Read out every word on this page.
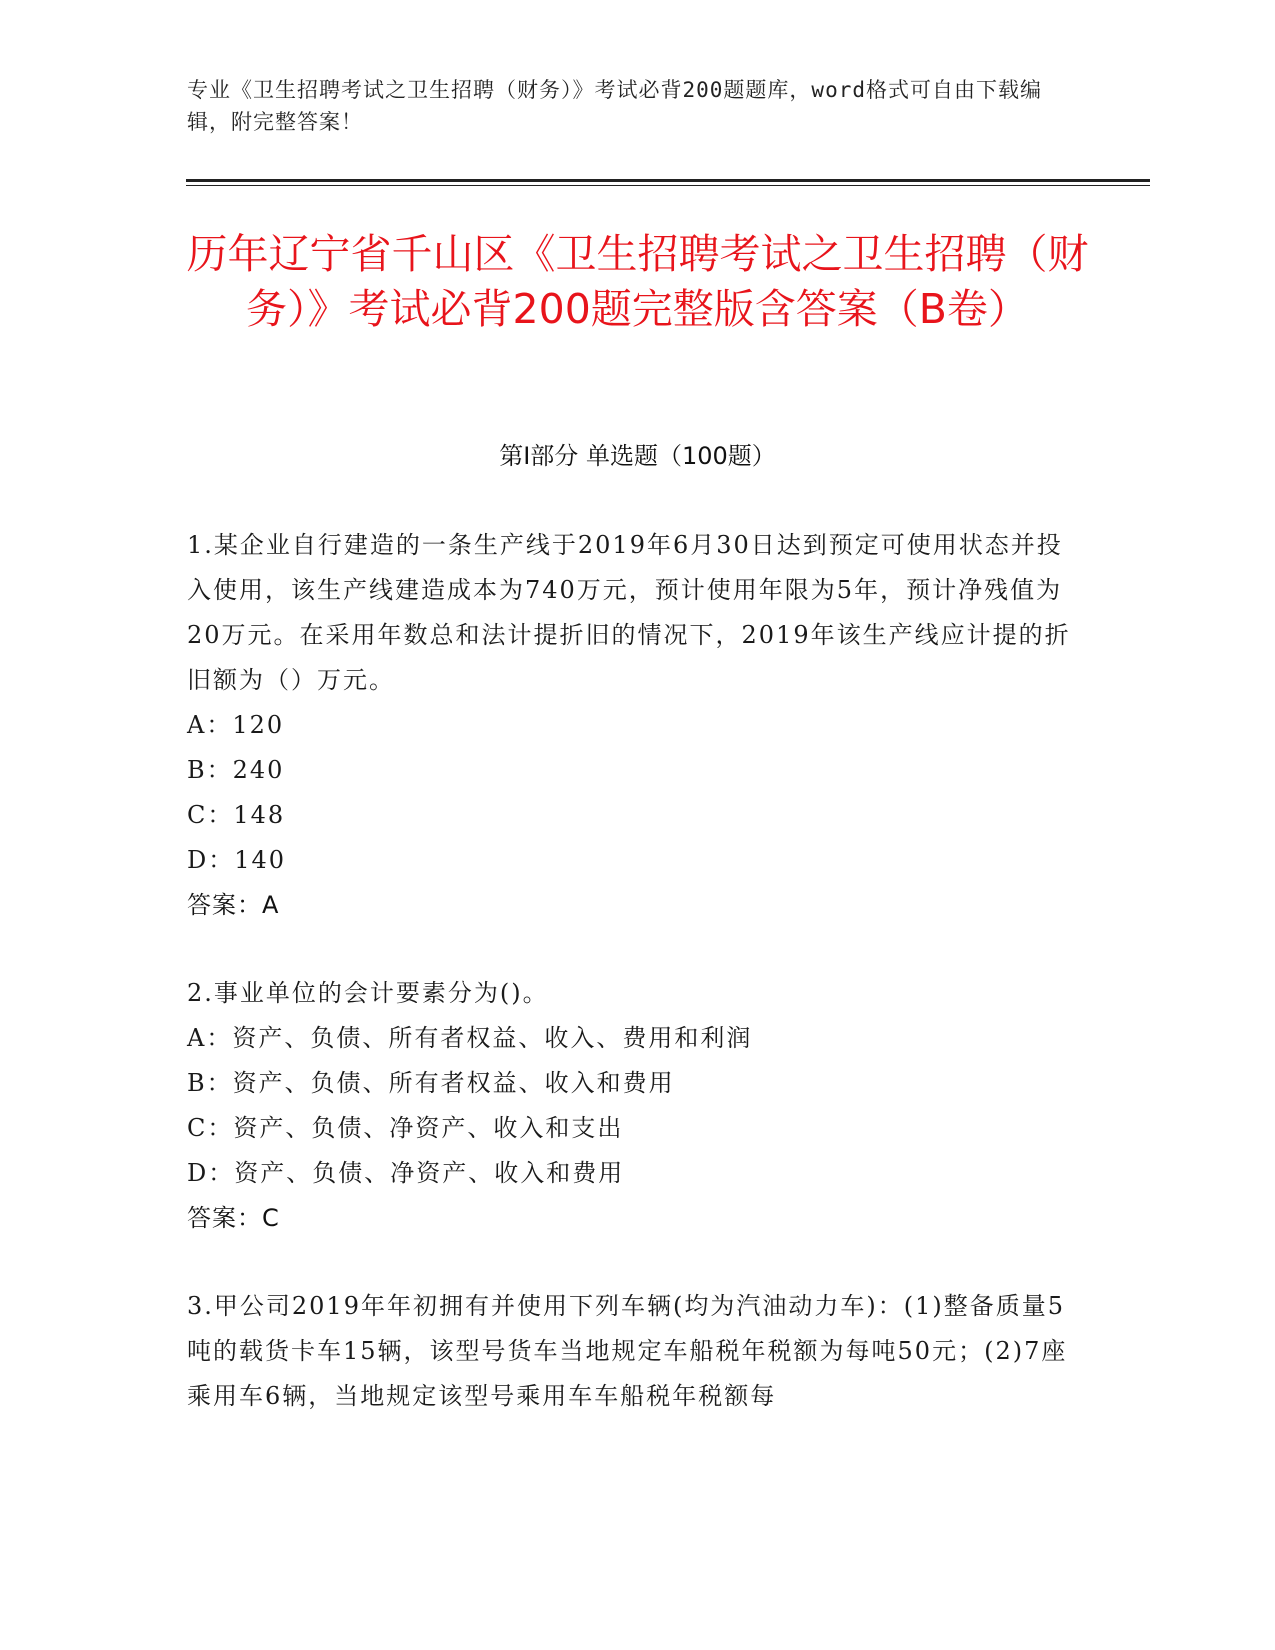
专业《卫生招聘考试之卫生招聘（财务）》考试必背200题题库，word格式可自由下载编辑，附完整答案！

历年辽宁省千山区《卫生招聘考试之卫生招聘（财务）》考试必背200题完整版含答案（B卷）
第I部分 单选题（100题）

1.某企业自行建造的一条生产线于2019年6月30日达到预定可使用状态并投入使用，该生产线建造成本为740万元，预计使用年限为5年，预计净残值为20万元。在采用年数总和法计提折旧的情况下，2019年该生产线应计提的折旧额为（）万元。

A：120

B：240

C：148

D：140

答案：A

2.事业单位的会计要素分为()。

A：资产、负债、所有者权益、收入、费用和利润

B：资产、负债、所有者权益、收入和费用

C：资产、负债、净资产、收入和支出

D：资产、负债、净资产、收入和费用

答案：C

3.甲公司2019年年初拥有并使用下列车辆(均为汽油动力车)：(1)整备质量5吨的载货卡车15辆，该型号货车当地规定车船税年税额为每吨50元；(2)7座乘用车6辆，当地规定该型号乘用车车船税年税额每
